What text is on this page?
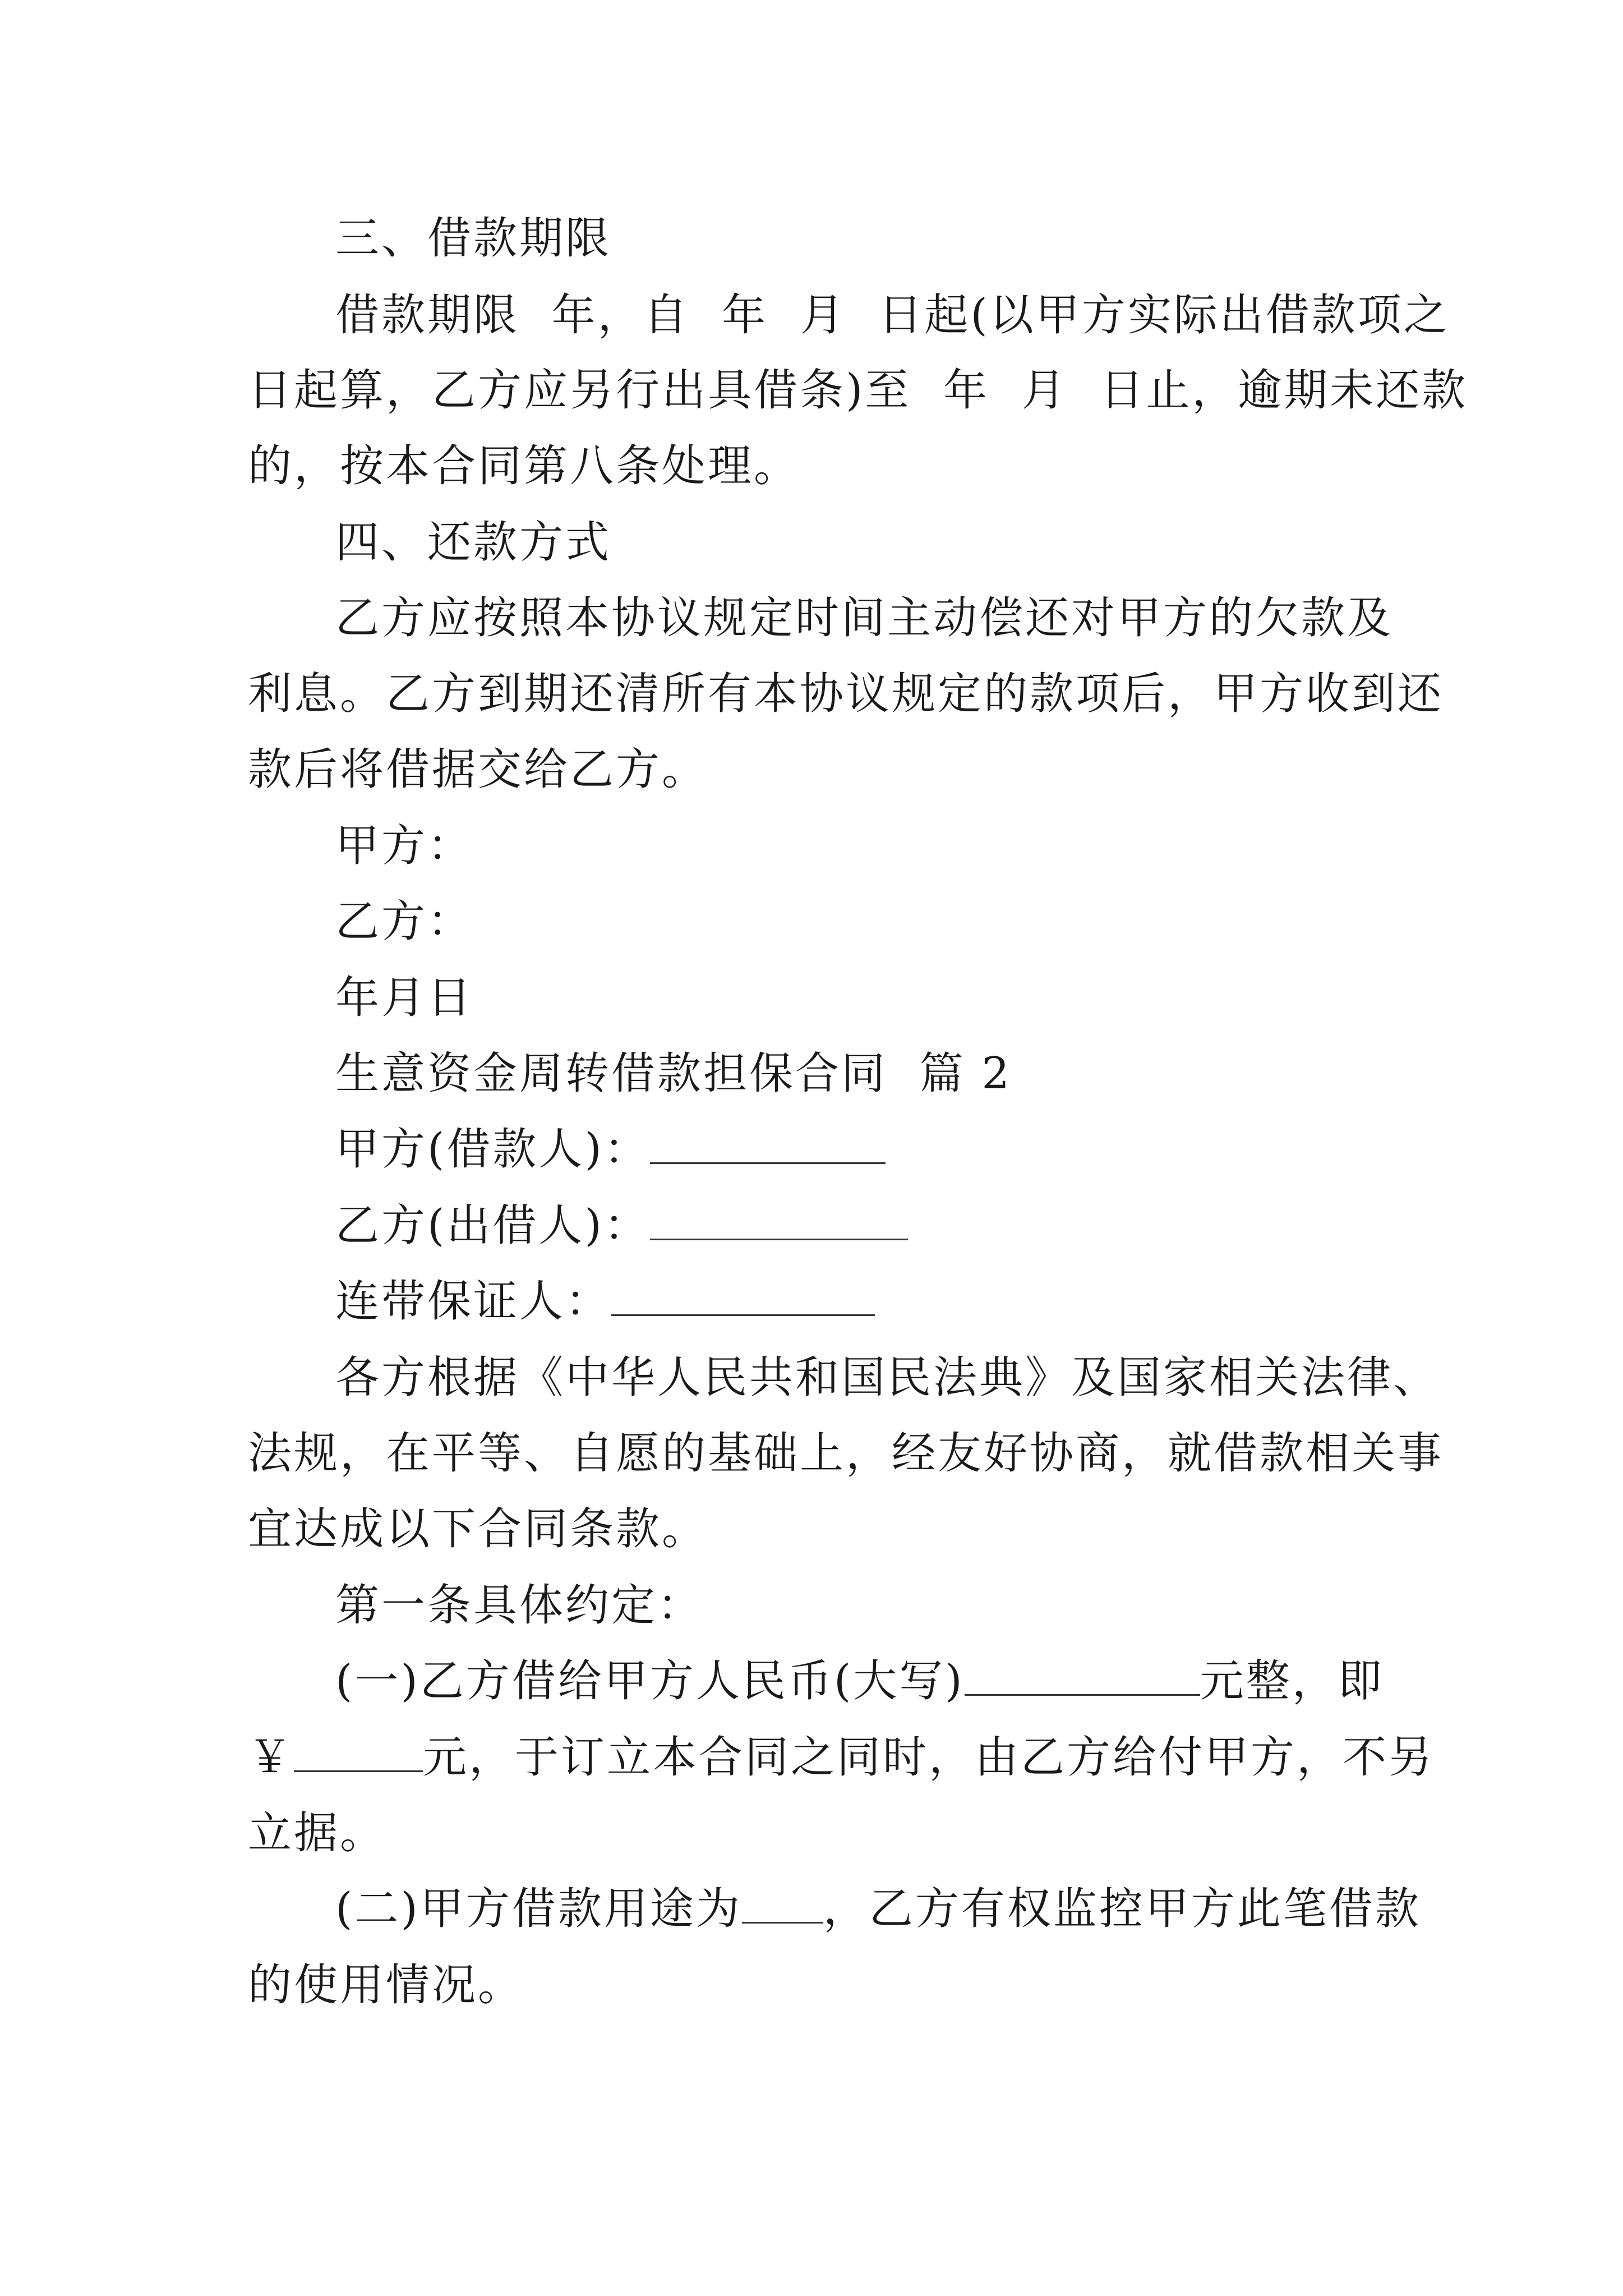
三、借款期限

借款期限  年，自  年  月  日起(以甲方实际出借款项之

日起算，乙方应另行出具借条)至  年  月  日止，逾期未还款

的，按本合同第八条处理。

四、还款方式

乙方应按照本协议规定时间主动偿还对甲方的欠款及

利息。乙方到期还清所有本协议规定的款项后，甲方收到还

款后将借据交给乙方。

甲方：

乙方：

年月日

生意资金周转借款担保合同  篇 2

甲方(借款人)：

乙方(出借人)：

连带保证人：

各方根据《中华人民共和国民法典》及国家相关法律、

法规，在平等、自愿的基础上，经友好协商，就借款相关事

宜达成以下合同条款。

第一条具体约定：

(一)乙方借给甲方人民币(大写)	元整，即

￥	元，于订立本合同之同时，由乙方给付甲方，不另

立据。

(二)甲方借款用途为 ，乙方有权监控甲方此笔借款

的使用情况。
